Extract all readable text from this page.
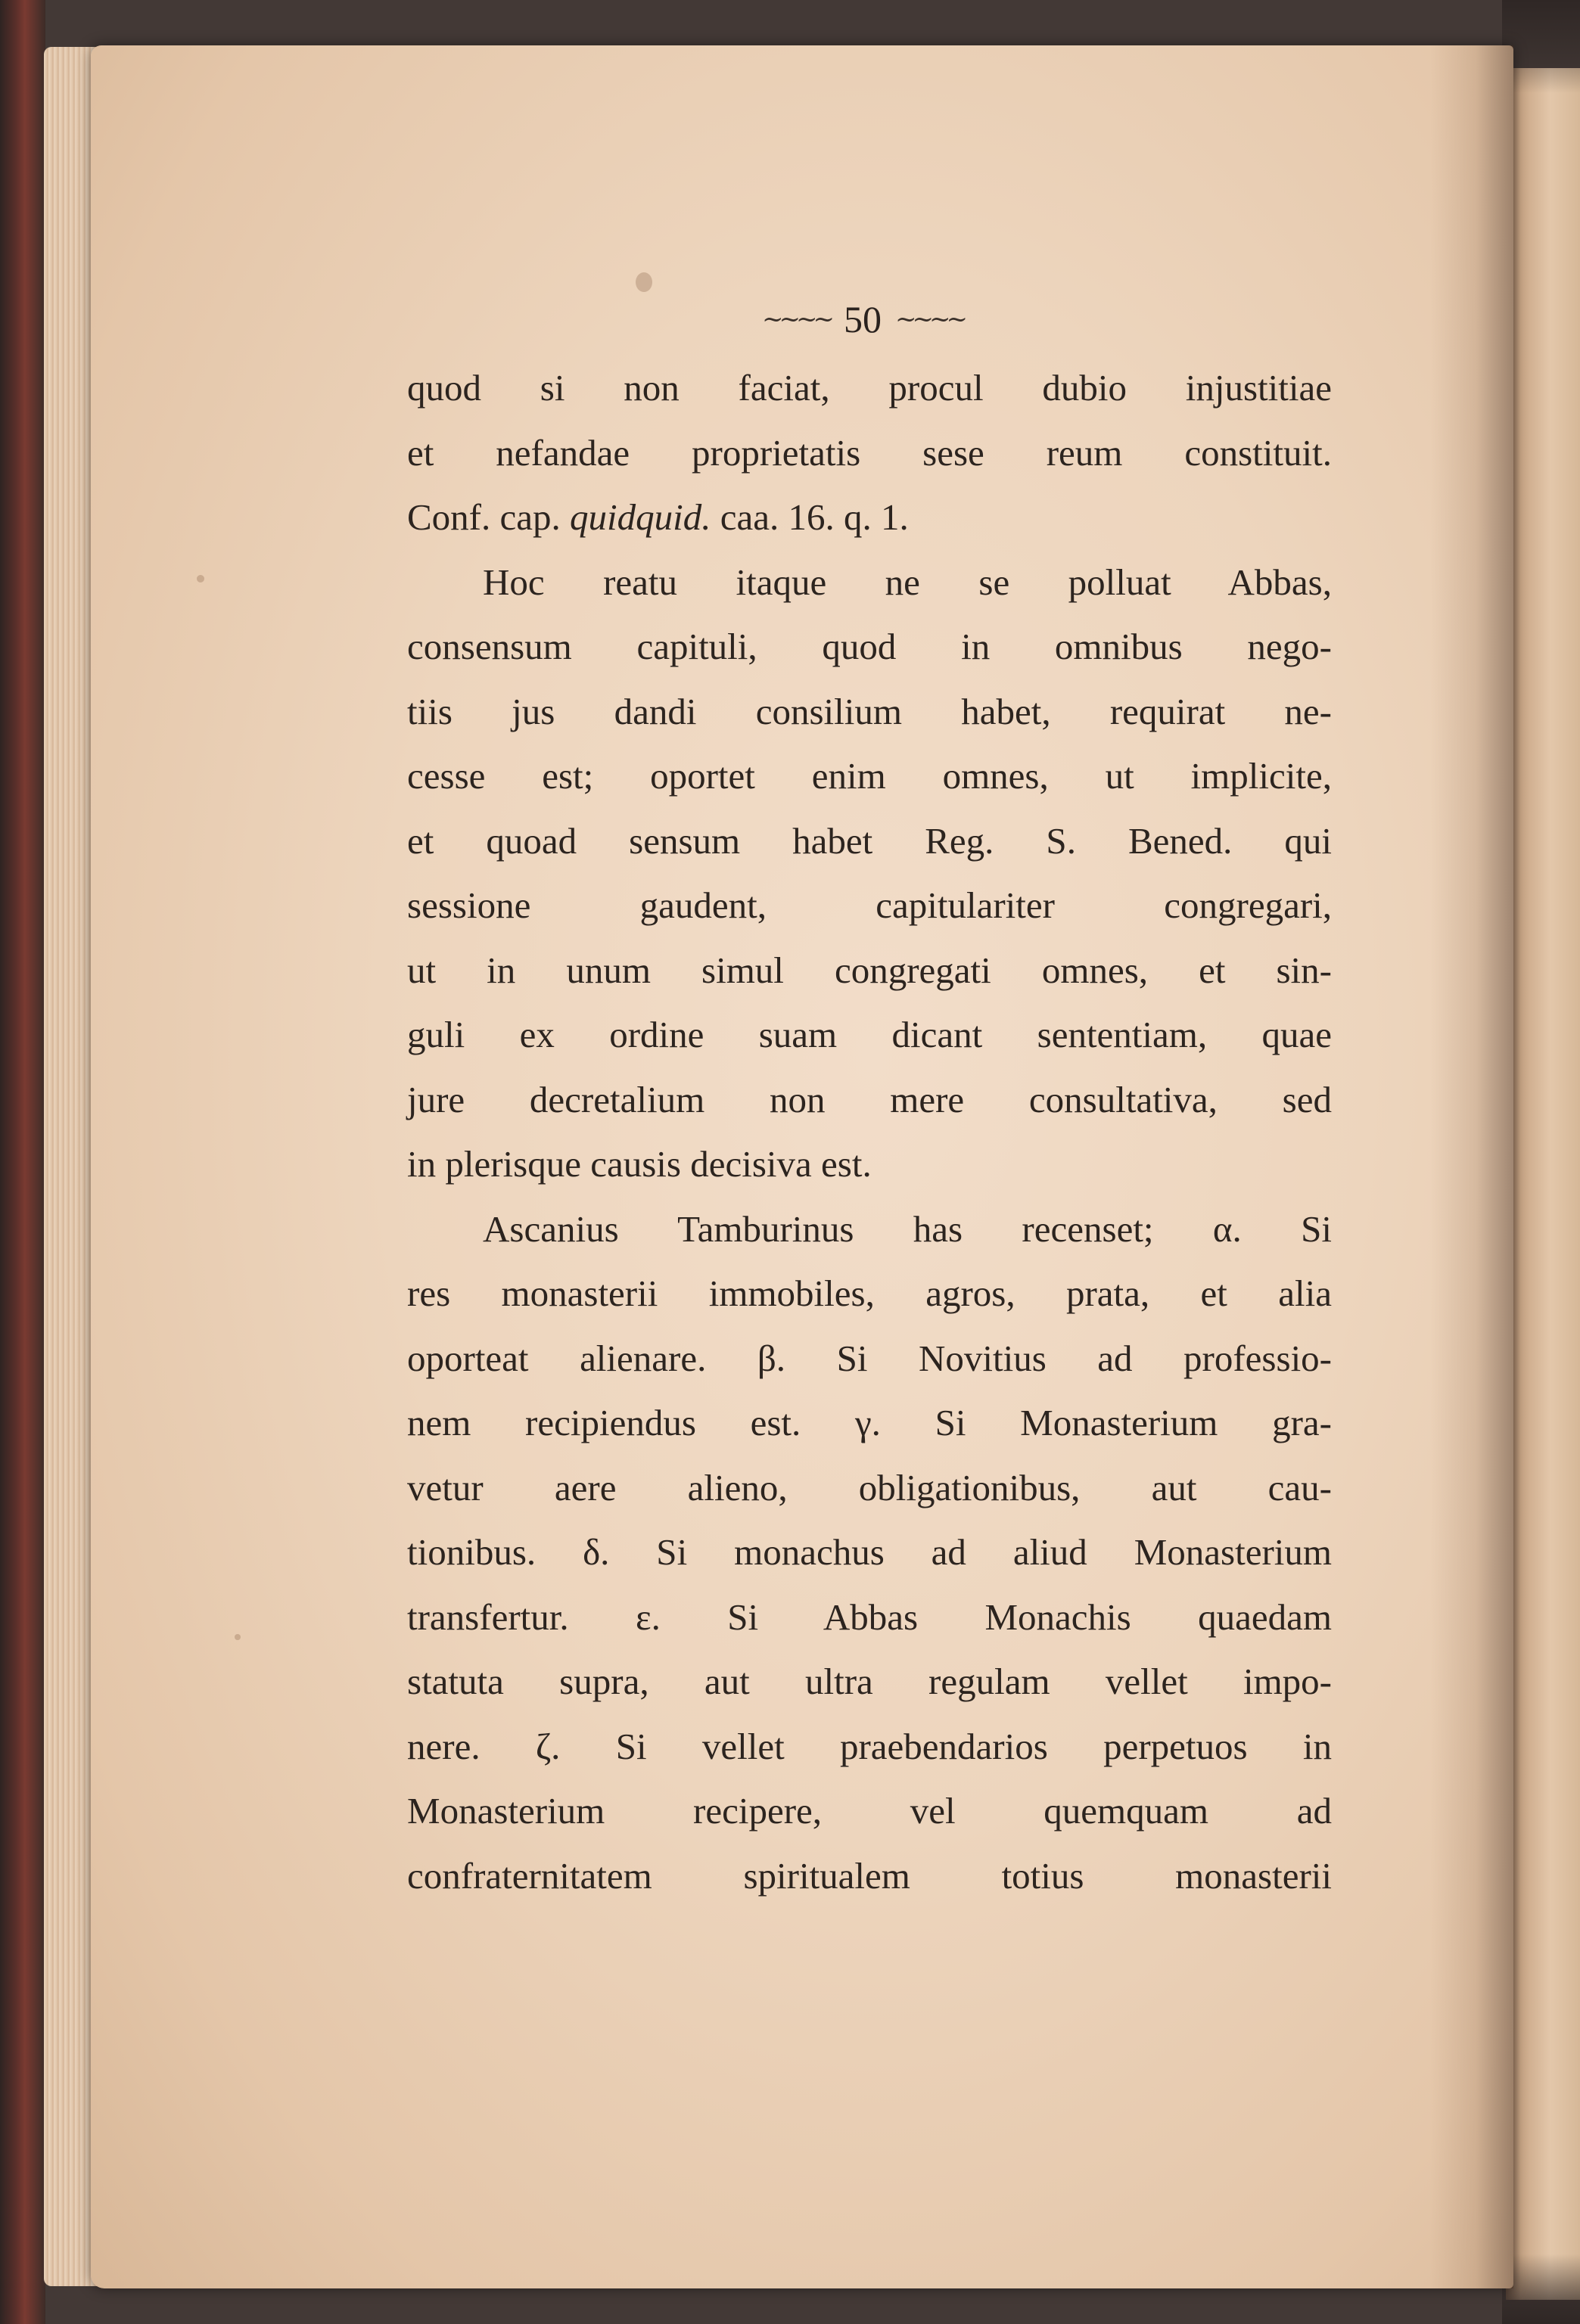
~~~~ 50 ~~~~
quod si non faciat, procul dubio injustitiae
et nefandae proprietatis sese reum constituit.
Conf. cap. quidquid. caa. 16. q. 1.
Hoc reatu itaque ne se polluat Abbas,
consensum capituli, quod in omnibus nego-
tiis jus dandi consilium habet, requirat ne-
cesse est; oportet enim omnes, ut implicite,
et quoad sensum habet Reg. S. Bened. qui
sessione gaudent, capitulariter congregari,
ut in unum simul congregati omnes, et sin-
guli ex ordine suam dicant sententiam, quae
jure decretalium non mere consultativa, sed
in plerisque causis decisiva est.
Ascanius Tamburinus has recenset; α. Si
res monasterii immobiles, agros, prata, et alia
oporteat alienare. β. Si Novitius ad professio-
nem recipiendus est. γ. Si Monasterium gra-
vetur aere alieno, obligationibus, aut cau-
tionibus. δ. Si monachus ad aliud Monasterium
transfertur. ε. Si Abbas Monachis quaedam
statuta supra, aut ultra regulam vellet impo-
nere. ζ. Si vellet praebendarios perpetuos in
Monasterium recipere, vel quemquam ad
confraternitatem spiritualem totius monasterii
